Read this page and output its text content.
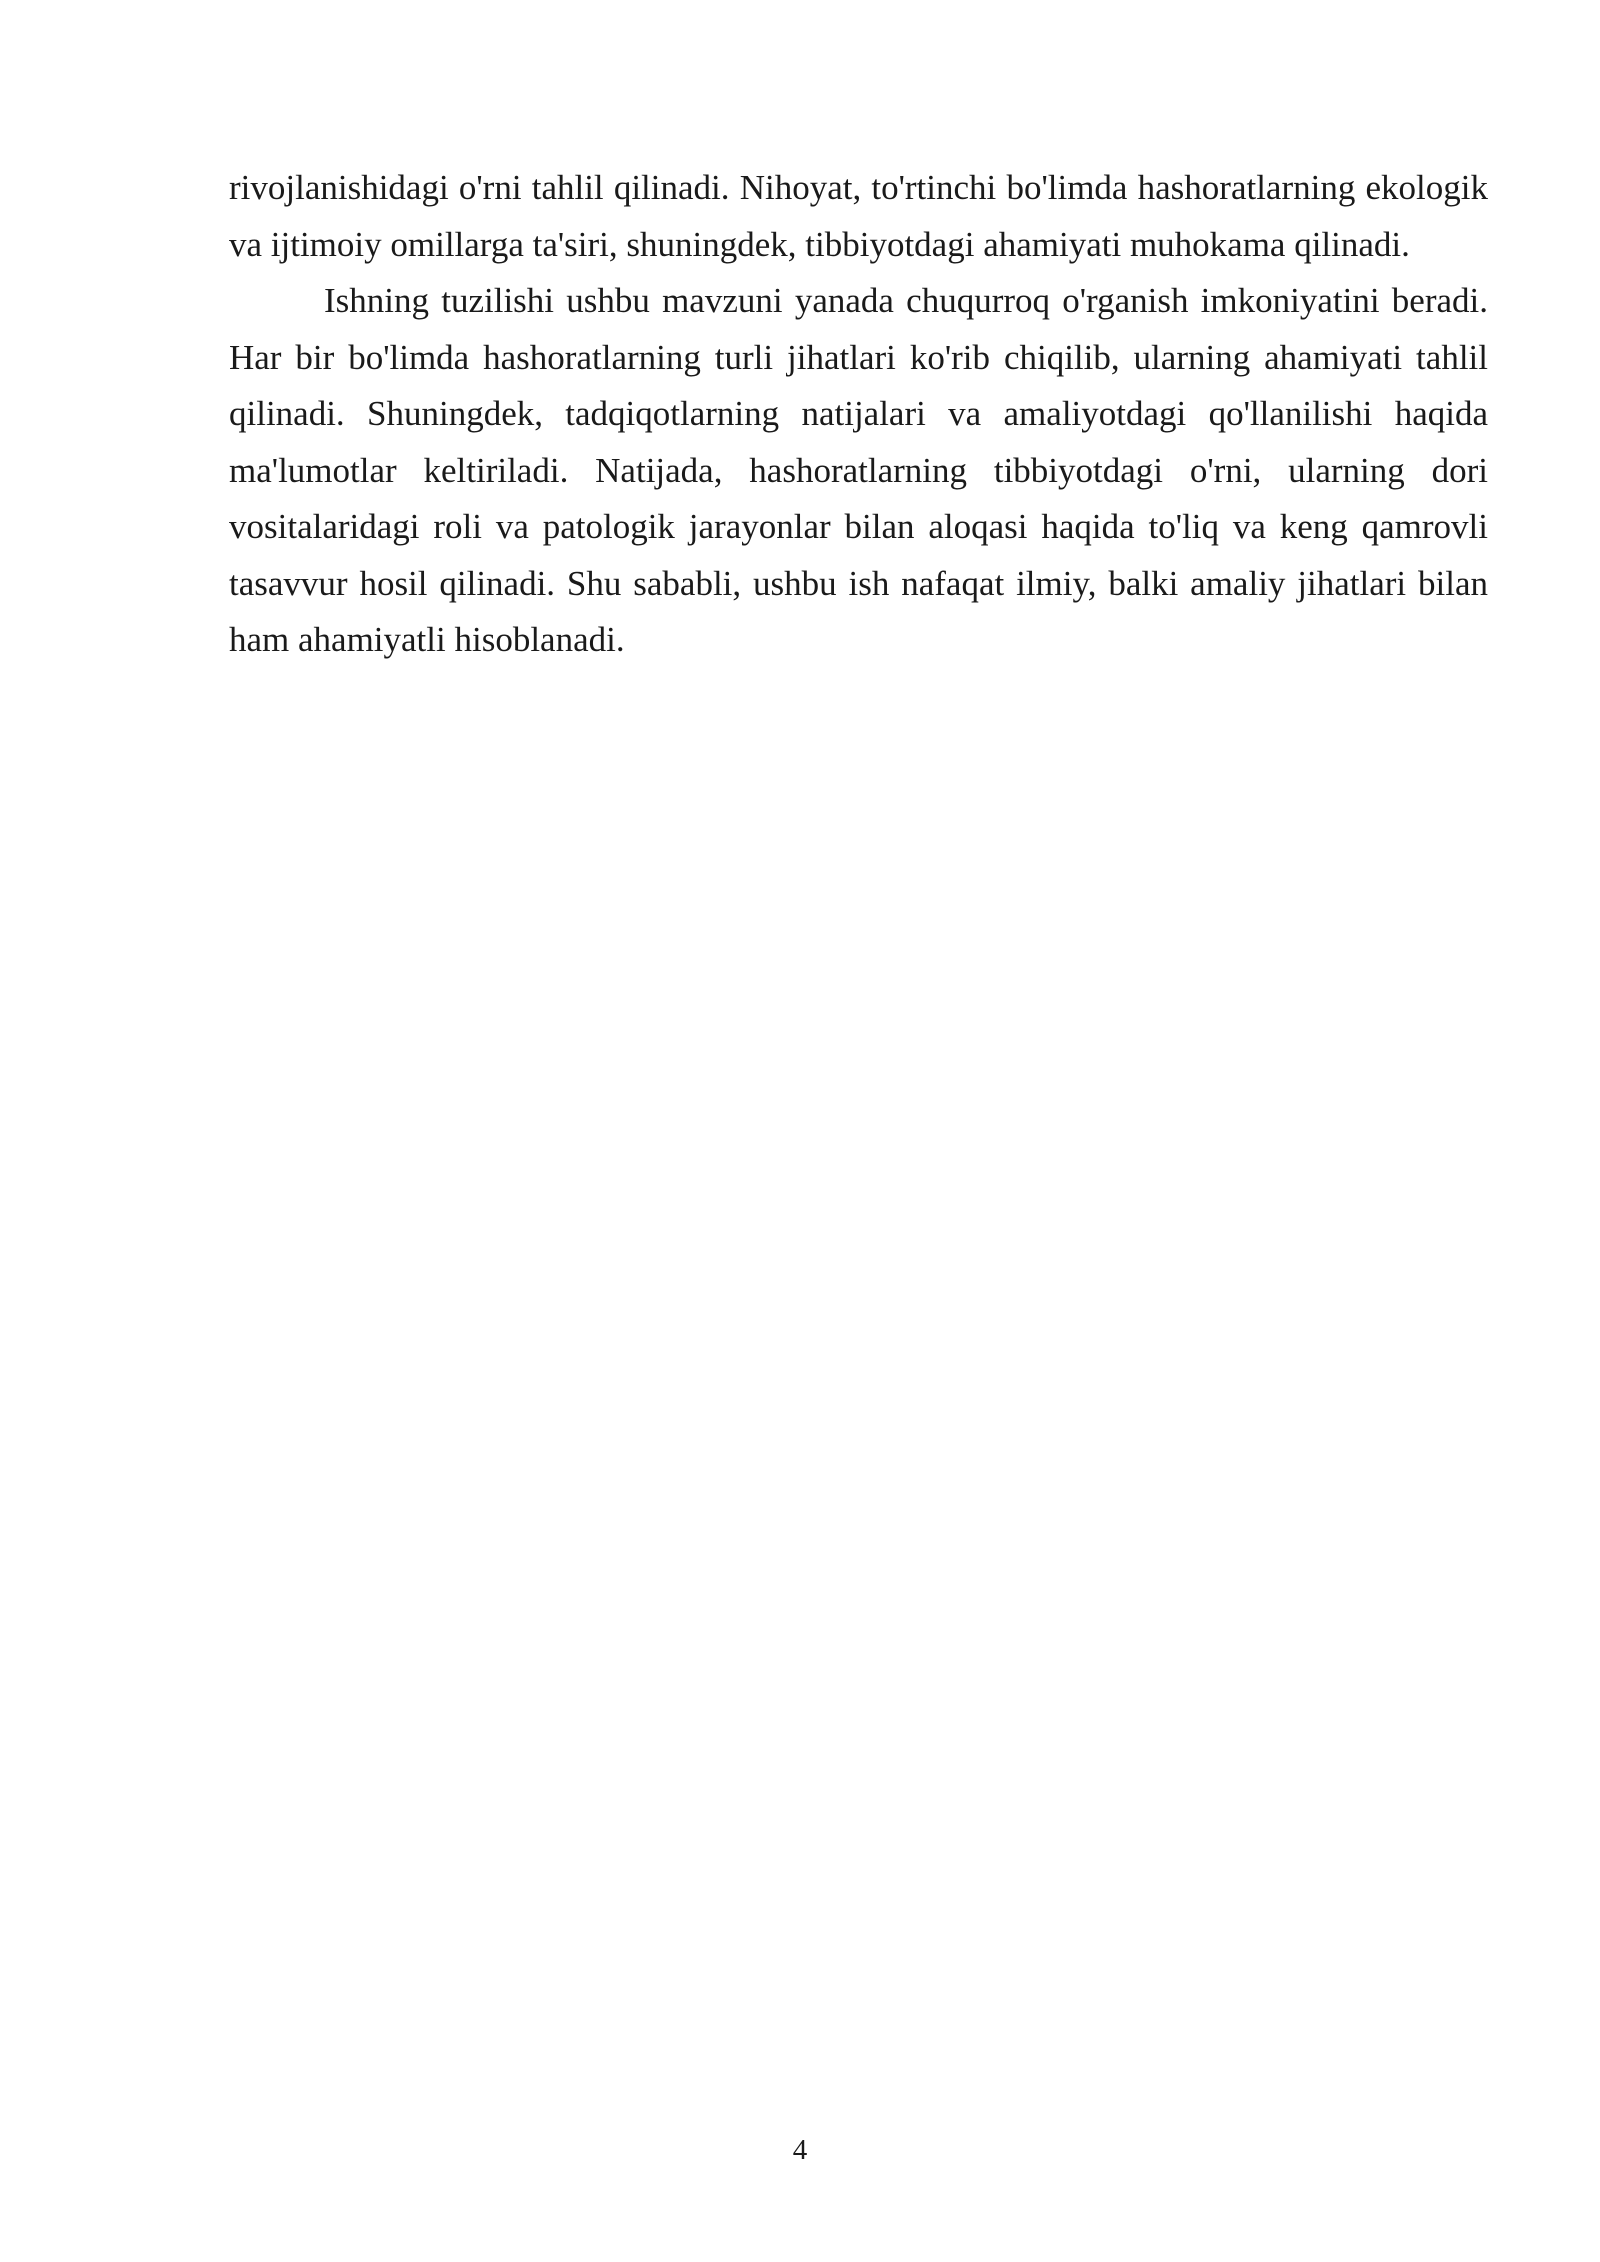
rivojlanishidagi o'rni tahlil qilinadi. Nihoyat, to'rtinchi bo'limda hashoratlarning ekologik va ijtimoiy omillarga ta'siri, shuningdek, tibbiyotdagi ahamiyati muhokama qilinadi.

Ishning tuzilishi ushbu mavzuni yanada chuqurroq o'rganish imkoniyatini beradi. Har bir bo'limda hashoratlarning turli jihatlari ko'rib chiqilib, ularning ahamiyati tahlil qilinadi. Shuningdek, tadqiqotlarning natijalari va amaliyotdagi qo'llanilishi haqida ma'lumotlar keltiriladi. Natijada, hashoratlarning tibbiyotdagi o'rni, ularning dori vositalaridagi roli va patologik jarayonlar bilan aloqasi haqida to'liq va keng qamrovli tasavvur hosil qilinadi. Shu sababli, ushbu ish nafaqat ilmiy, balki amaliy jihatlari bilan ham ahamiyatli hisoblanadi.

4
